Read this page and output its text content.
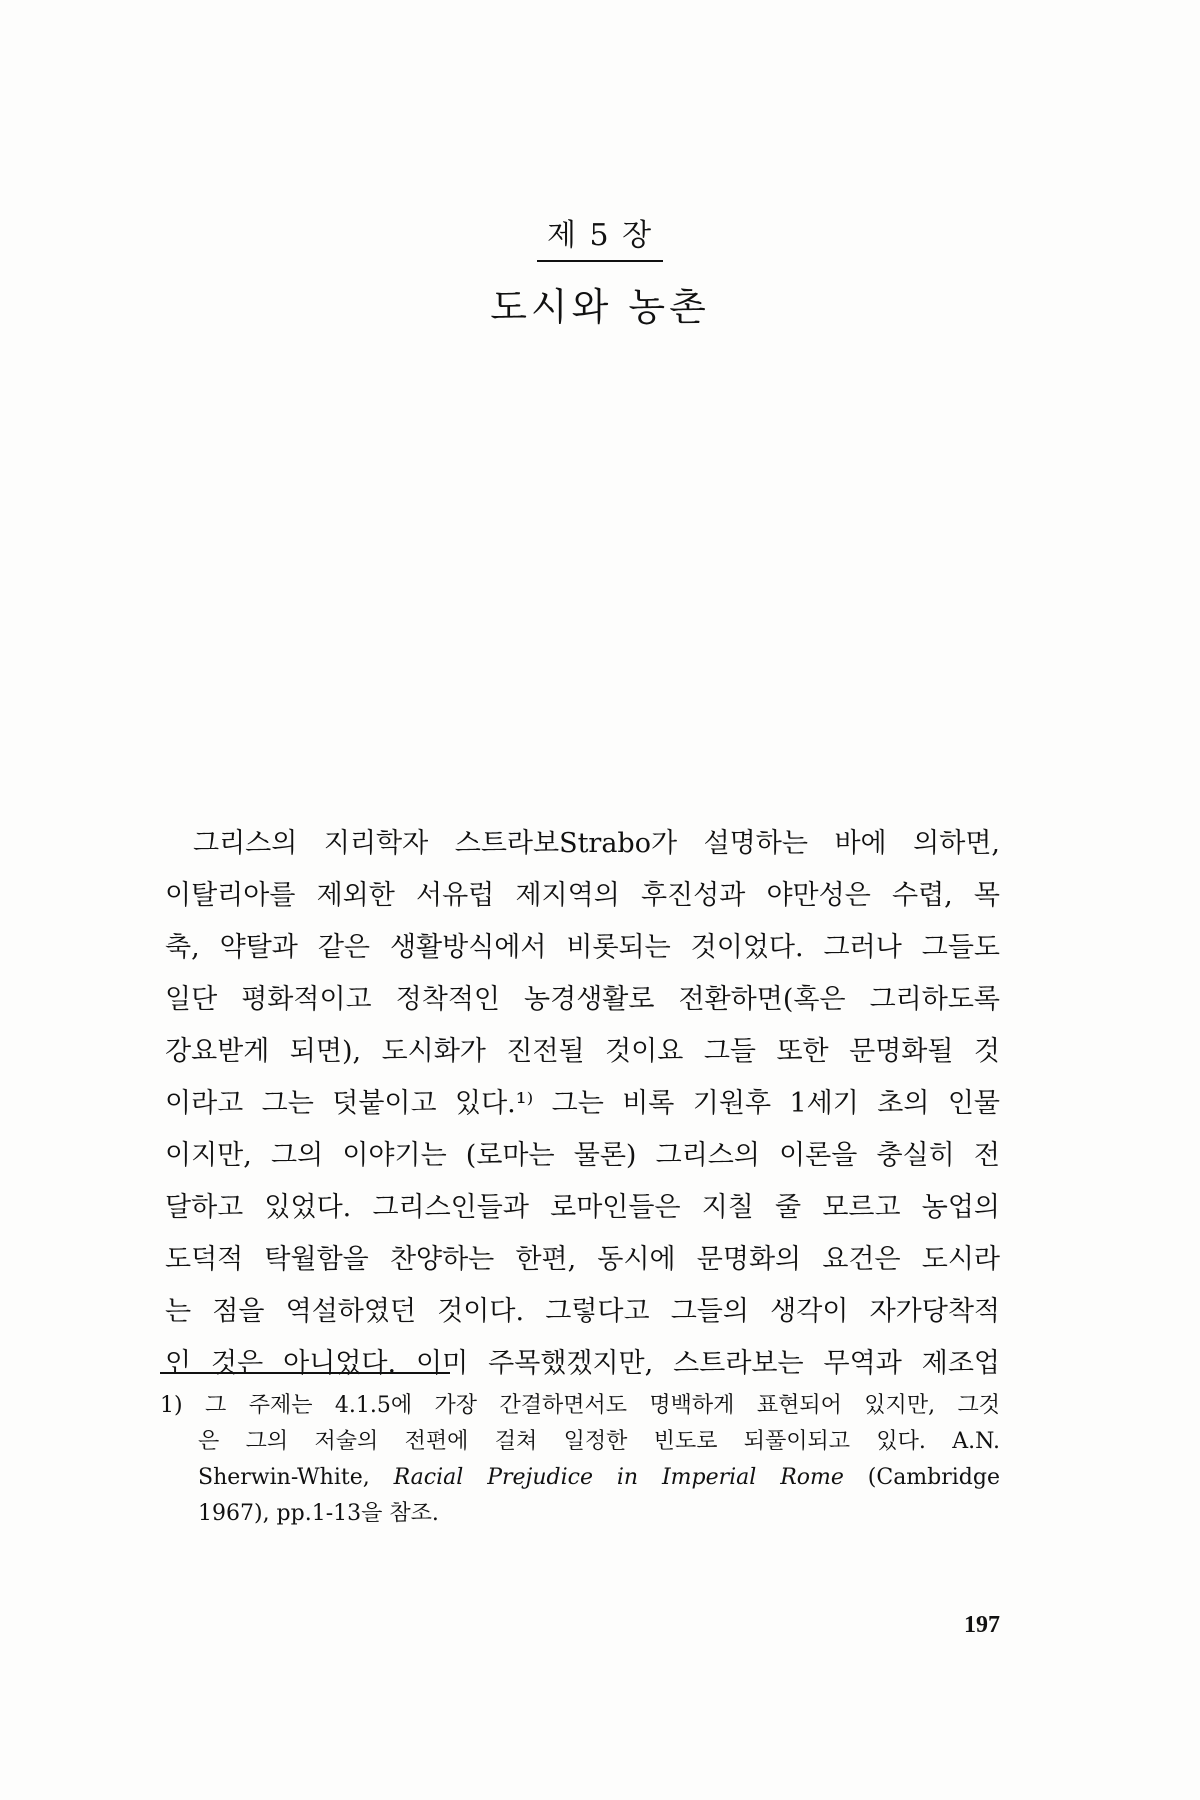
제 5 장
도시와 농촌
그리스의 지리학자 스트라보Strabo가 설명하는 바에 의하면,
이탈리아를 제외한 서유럽 제지역의 후진성과 야만성은 수렵, 목
축, 약탈과 같은 생활방식에서 비롯되는 것이었다. 그러나 그들도
일단 평화적이고 정착적인 농경생활로 전환하면(혹은 그리하도록
강요받게 되면), 도시화가 진전될 것이요 그들 또한 문명화될 것
이라고 그는 덧붙이고 있다.¹⁾ 그는 비록 기원후 1세기 초의 인물
이지만, 그의 이야기는 (로마는 물론) 그리스의 이론을 충실히 전
달하고 있었다. 그리스인들과 로마인들은 지칠 줄 모르고 농업의
도덕적 탁월함을 찬양하는 한편, 동시에 문명화의 요건은 도시라
는 점을 역설하였던 것이다. 그렇다고 그들의 생각이 자가당착적
인 것은 아니었다. 이미 주목했겠지만, 스트라보는 무역과 제조업
1) 그 주제는 4.1.5에 가장 간결하면서도 명백하게 표현되어 있지만, 그것
은 그의 저술의 전편에 걸쳐 일정한 빈도로 되풀이되고 있다. A.N.
Sherwin-White, Racial Prejudice in Imperial Rome (Cambridge
1967), pp.1-13을 참조.
197
